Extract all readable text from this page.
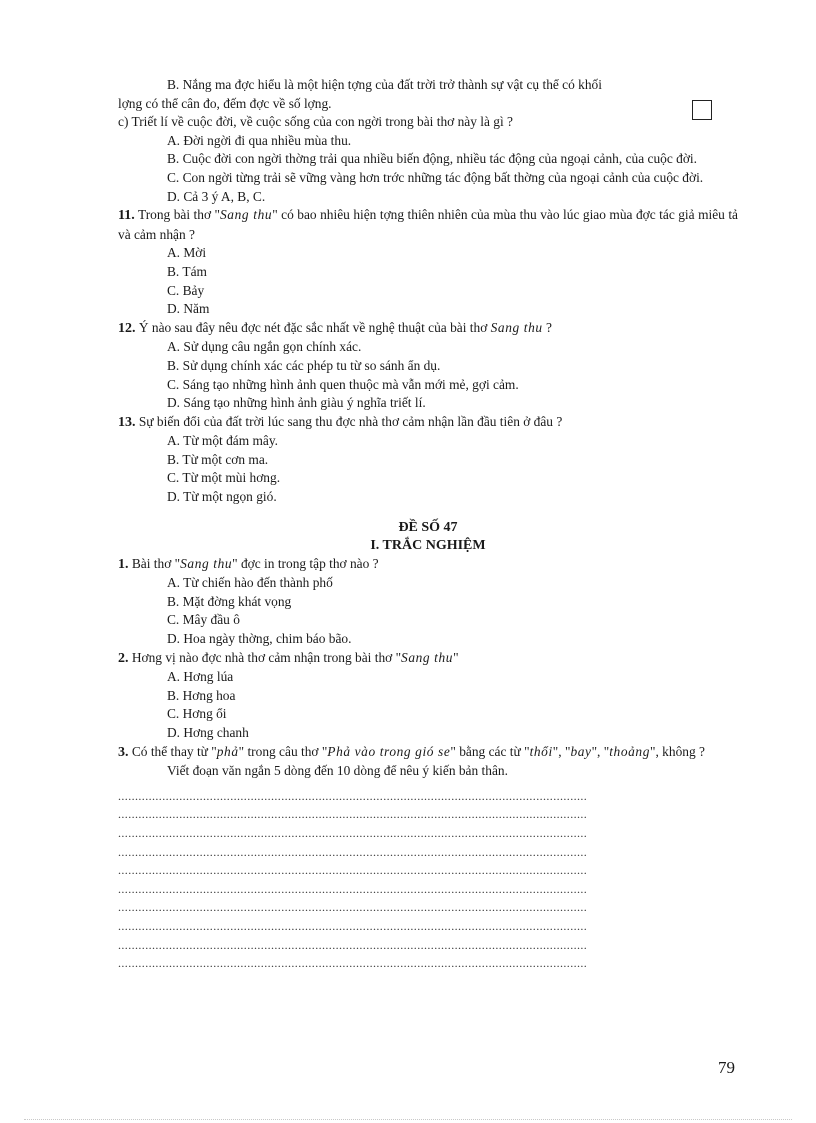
B. Nắng ma đợc hiểu là một hiện tợng của đất trời trở thành sự vật cụ thể có khối

lợng có thể cân đo, đếm đợc về số lợng.

c) Triết lí về cuộc đời, về cuộc sống của con ngời trong bài thơ này là gì ?

A. Đời ngời đi qua nhiều mùa thu.

B. Cuộc đời con ngời thờng trải qua nhiều biến động, nhiều tác động của ngoại cảnh, của cuộc đời.

C. Con ngời từng trải sẽ vững vàng hơn trớc những tác động bất thờng của ngoại cảnh của cuộc đời.

D. Cả 3 ý A, B, C.

11. Trong bài thơ "Sang thu" có bao nhiêu hiện tợng thiên nhiên của mùa thu vào lúc giao mùa đợc tác giả miêu tả và cảm nhận ?

A. Mời

B. Tám

C. Bảy

D. Năm

12. Ý nào sau đây nêu đợc nét đặc sắc nhất về nghệ thuật của bài thơ Sang thu ?

A. Sử dụng câu ngắn gọn chính xác.

B. Sử dụng chính xác các phép tu từ so sánh ẩn dụ.

C. Sáng tạo những hình ảnh quen thuộc mà vẫn mới mẻ, gợi cảm.

D. Sáng tạo những hình ảnh giàu ý nghĩa triết lí.

13. Sự biến đổi của đất trời lúc sang thu đợc nhà thơ cảm nhận lần đầu tiên ở đâu ?

A. Từ một đám mây.

B. Từ một cơn ma.

C. Từ một mùi hơng.

D. Từ một ngọn gió.

ĐỀ SỐ 47

I. TRẮC NGHIỆM

1. Bài thơ "Sang thu" đợc in trong tập thơ nào ?

A. Từ chiến hào đến thành phố

B. Mặt đờng khát vọng

C. Mây đầu ô

D. Hoa ngày thờng, chim báo bão.

2. Hơng vị nào đợc nhà thơ cảm nhận trong bài thơ "Sang thu"

A. Hơng lúa

B. Hơng hoa

C. Hơng ổi

D. Hơng chanh

3. Có thể thay từ "phả" trong câu thơ "Phả vào trong gió se" bằng các từ "thổi", "bay", "thoảng", không ?

Viết đoạn văn ngắn 5 dòng đến 10 dòng để nêu ý kiến bản thân.

..........................................................................................................................................
..........................................................................................................................................
..........................................................................................................................................
..........................................................................................................................................
..........................................................................................................................................
..........................................................................................................................................
..........................................................................................................................................
..........................................................................................................................................
..........................................................................................................................................
..........................................................................................................................................
79
